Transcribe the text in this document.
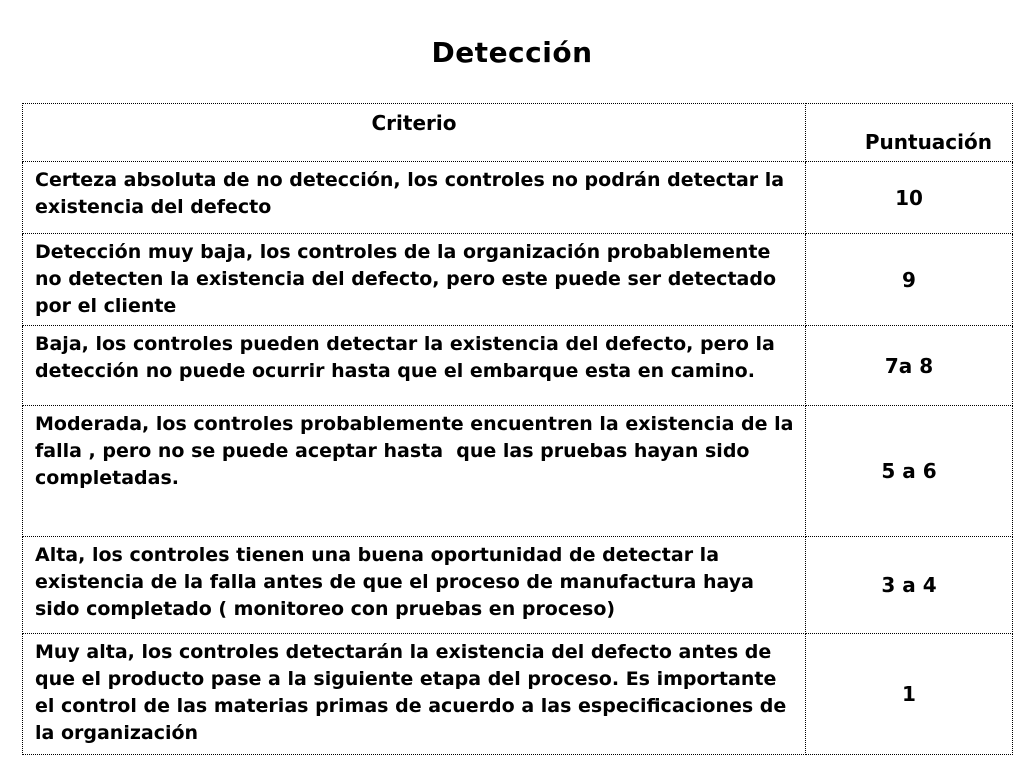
Detección
Criterio	Puntuación
Certeza absoluta de no detección, los controles no podrán detectar la existencia del defecto	10
Detección muy baja, los controles de la organización probablemente no detecten la existencia del defecto, pero este puede ser detectado por el cliente	9
Baja, los controles pueden detectar la existencia del defecto, pero la detección no puede ocurrir hasta que el embarque esta en camino.	7a 8
Moderada, los controles probablemente encuentren la existencia de la falla , pero no se puede aceptar hasta  que las pruebas hayan sido completadas.	5 a 6
Alta, los controles tienen una buena oportunidad de detectar la existencia de la falla antes de que el proceso de manufactura haya sido completado ( monitoreo con pruebas en proceso)	3 a 4
Muy alta, los controles detectarán la existencia del defecto antes de que el producto pase a la siguiente etapa del proceso. Es importante el control de las materias primas de acuerdo a las especificaciones de la organización	1
